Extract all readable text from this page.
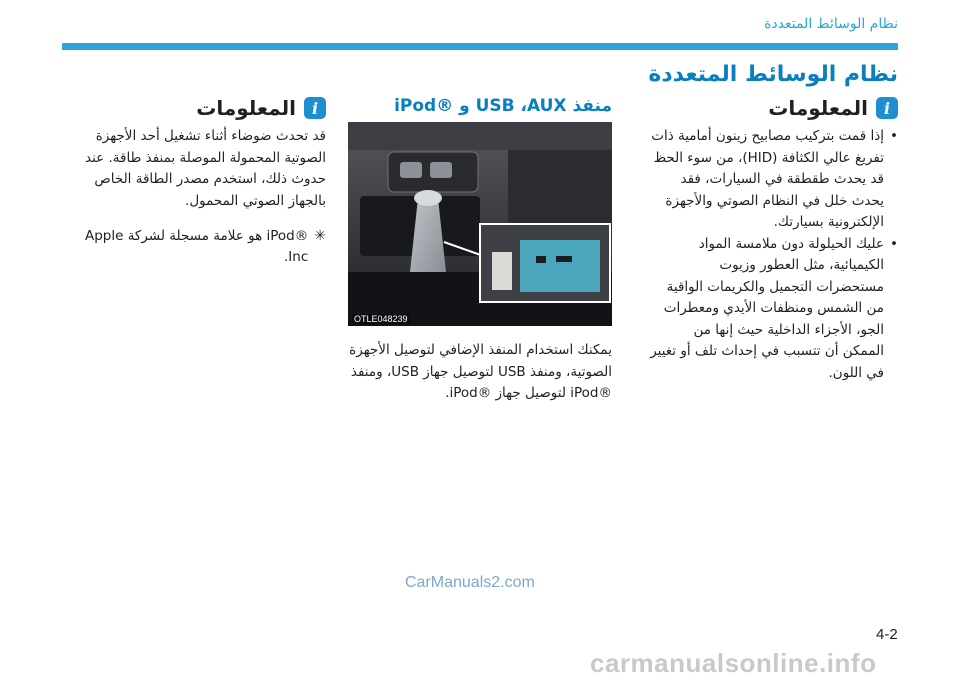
نظام الوسائط المتعددة
نظام الوسائط المتعددة
i
المعلومات
• إذا قمت بتركيب مصابيح زينون أمامية ذات تفريغ عالي الكثافة (HID)، من سوء الحظ قد يحدث طقطقة في السيارات، فقد يحدث خلل في النظام الصوتي والأجهزة الإلكترونية بسيارتك.
• عليك الحيلولة دون ملامسة المواد الكيميائية، مثل العطور وزيوت مستحضرات التجميل والكريمات الواقية من الشمس ومنظفات الأيدي ومعطرات الجو، الأجزاء الداخلية حيث إنها من الممكن أن تتسبب في إحداث تلف أو تغيير في اللون.
منفذ USB ،AUX و ®iPod
OTLE048239

يمكنك استخدام المنفذ الإضافي لتوصيل الأجهزة الصوتية، ومنفذ USB لتوصيل جهاز USB، ومنفذ ®iPod لتوصيل جهاز ®iPod.

i
المعلومات

قد تحدث ضوضاء أثناء تشغيل أحد الأجهزة الصوتية المحمولة الموصلة بمنفذ طاقة. عند حدوث ذلك، استخدم مصدر الطاقة الخاص بالجهاز الصوتي المحمول.

✳
®iPod هو علامة مسجلة لشركة Apple Inc.
CarManuals2.com
4-2
carmanualsonline.info
